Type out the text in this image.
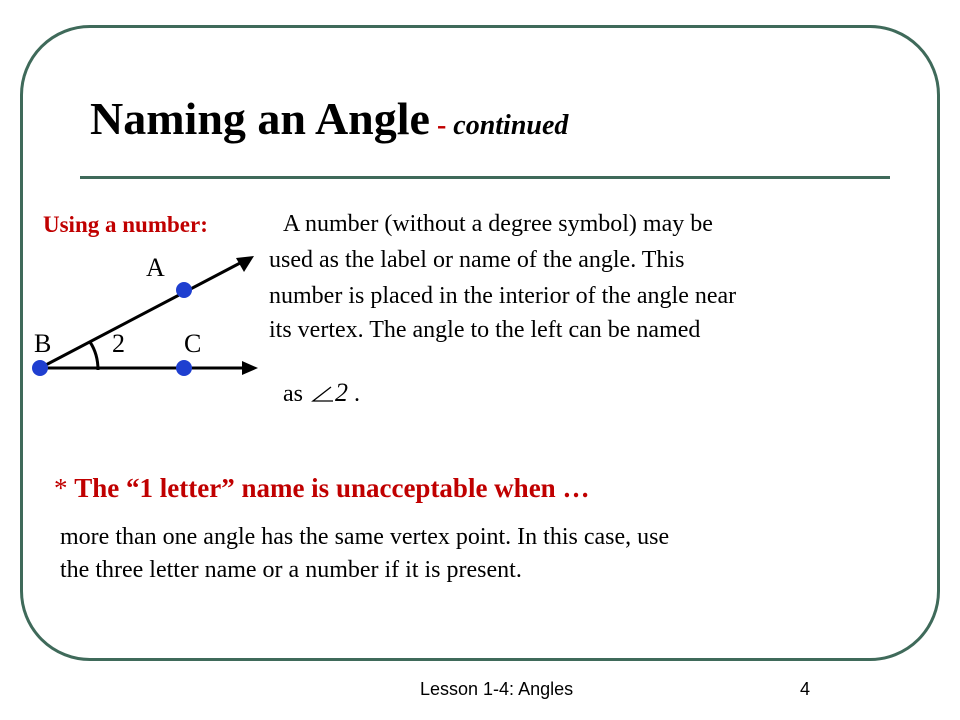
Naming an Angle - continued
Using a number:	A number (without a degree symbol) may be
used as the label or name of the angle. This
number is placed in the interior of the angle near
its vertex. The angle to the left can be named
A
B	C
2
as 2 .
* The “1 letter” name is unacceptable when …
more than one angle has the same vertex point. In this case, use
the three letter name or a number if it is present.
Lesson 1-4: Angles	4
